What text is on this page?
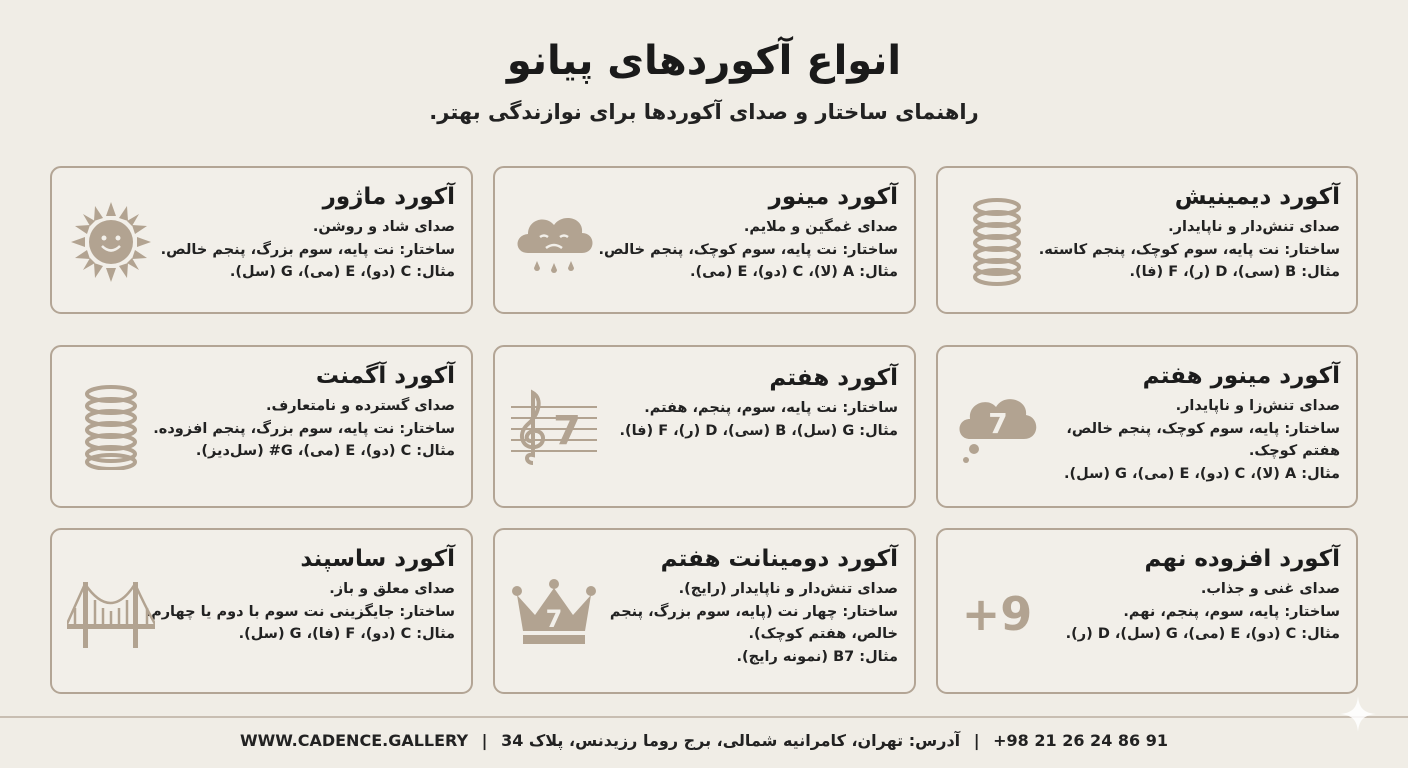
انواع آکوردهای پیانو
راهنمای ساختار و صدای آکوردها برای نوازندگی بهتر.
آکورد دیمینیش
صدای تنش‌دار و ناپایدار.
ساختار: نت پایه، سوم کوچک، پنجم کاسته.
مثال: B (سی)، D (ر)، F (فا).
آکورد مینور
صدای غمگین و ملایم.
ساختار: نت پایه، سوم کوچک، پنجم خالص.
مثال: A (لا)، C (دو)، E (می).
آکورد ماژور
صدای شاد و روشن.
ساختار: نت پایه، سوم بزرگ، پنجم خالص.
مثال: C (دو)، E (می)، G (سل).
آکورد مینور هفتم
صدای تنش‌زا و ناپایدار.
ساختار: پایه، سوم کوچک، پنجم خالص،
هفتم کوچک.
مثال: A (لا)، C (دو)، E (می)، G (سل).
7
آکورد هفتم
ساختار: نت پایه، سوم، پنجم، هفتم.
مثال: G (سل)، B (سی)، D (ر)، F (فا).
7
آکورد آگمنت
صدای گسترده و نامتعارف.
ساختار: نت پایه، سوم بزرگ، پنجم افزوده.
مثال: C (دو)، E (می)، G# (سل‌دیز).
آکورد افزوده نهم
صدای غنی و جذاب.
ساختار: پایه، سوم، پنجم، نهم.
مثال: C (دو)، E (می)، G (سل)، D (ر).
+9
آکورد دومینانت هفتم
صدای تنش‌دار و ناپایدار (رایج).
ساختار: چهار نت (پایه، سوم بزرگ، پنجم
خالص، هفتم کوچک).
مثال: B7 (نمونه رایج).
7
آکورد ساسپند
صدای معلق و باز.
ساختار: جایگزینی نت سوم با دوم یا چهارم.
مثال: C (دو)، F (فا)، G (سل).
+98 21 26 24 86 91 | آدرس: تهران، کامرانیه شمالی، برج روما رزیدنس، پلاک 34 | WWW.CADENCE.GALLERY
